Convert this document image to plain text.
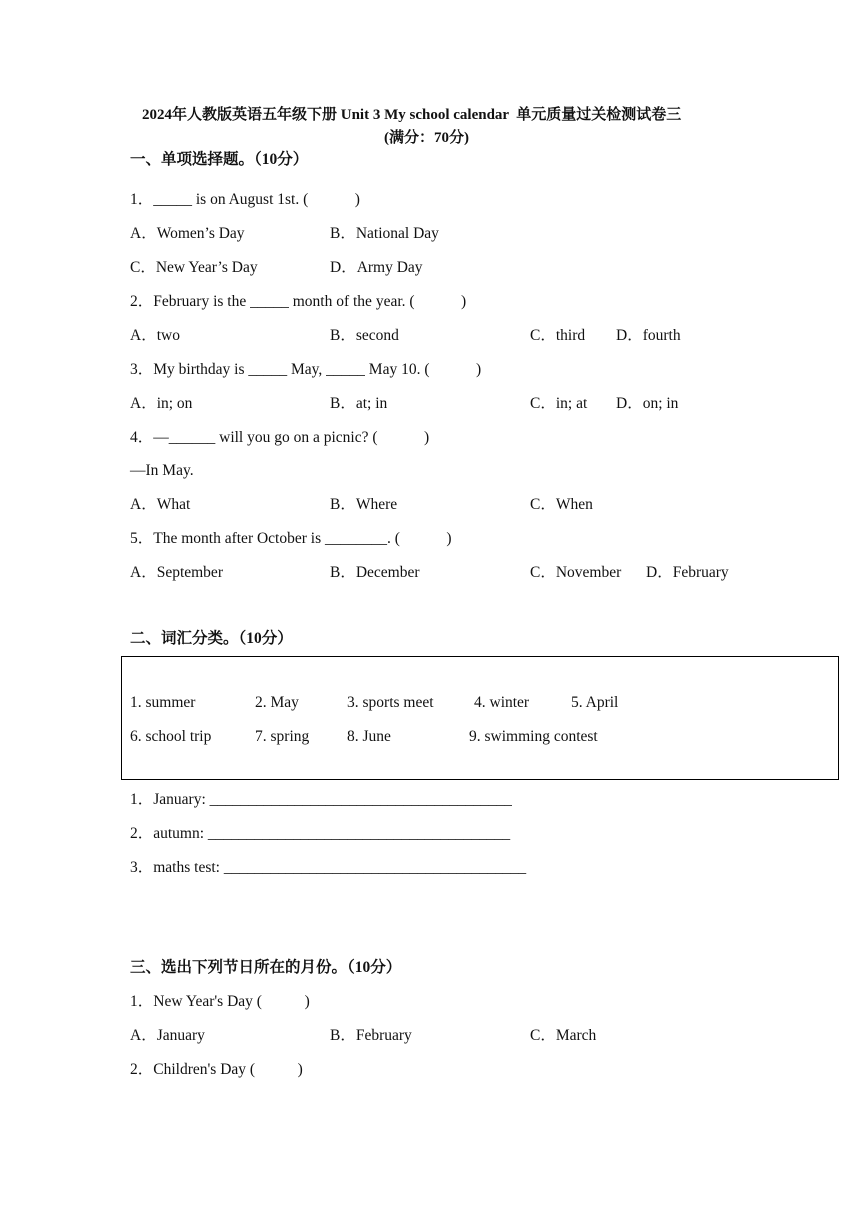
2024年人教版英语五年级下册 Unit 3 My school calendar  单元质量过关检测试卷三
(满分：70分)
一、单项选择题。（10分）
1．_____ is on August 1st. (            )
A．Women’s Day	B．National Day
C．New Year’s Day	D．Army Day
2．February is the _____ month of the year. (            )
A．two	B．second	C．third D．fourth
3．My birthday is _____ May, _____ May 10. (            )
A．in; on	B．at; in	C．in; at D．on; in
4．—______ will you go on a picnic? (            )
—In May.
A．What	B．Where	C．When
5．The month after October is ________. (            )
A．September	B．December	C．November D．February
二、词汇分类。（10分）
1. summer	2. May	3. sports meet	4. winter	5. April
6. school trip	7. spring 8. June	9. swimming contest
1．January: _______________________________________
2．autumn: _______________________________________
3．maths test: _______________________________________
三、选出下列节日所在的月份。（10分）
1．New Year's Day (           )
A．January	B．February	C．March
2．Children's Day (           )
